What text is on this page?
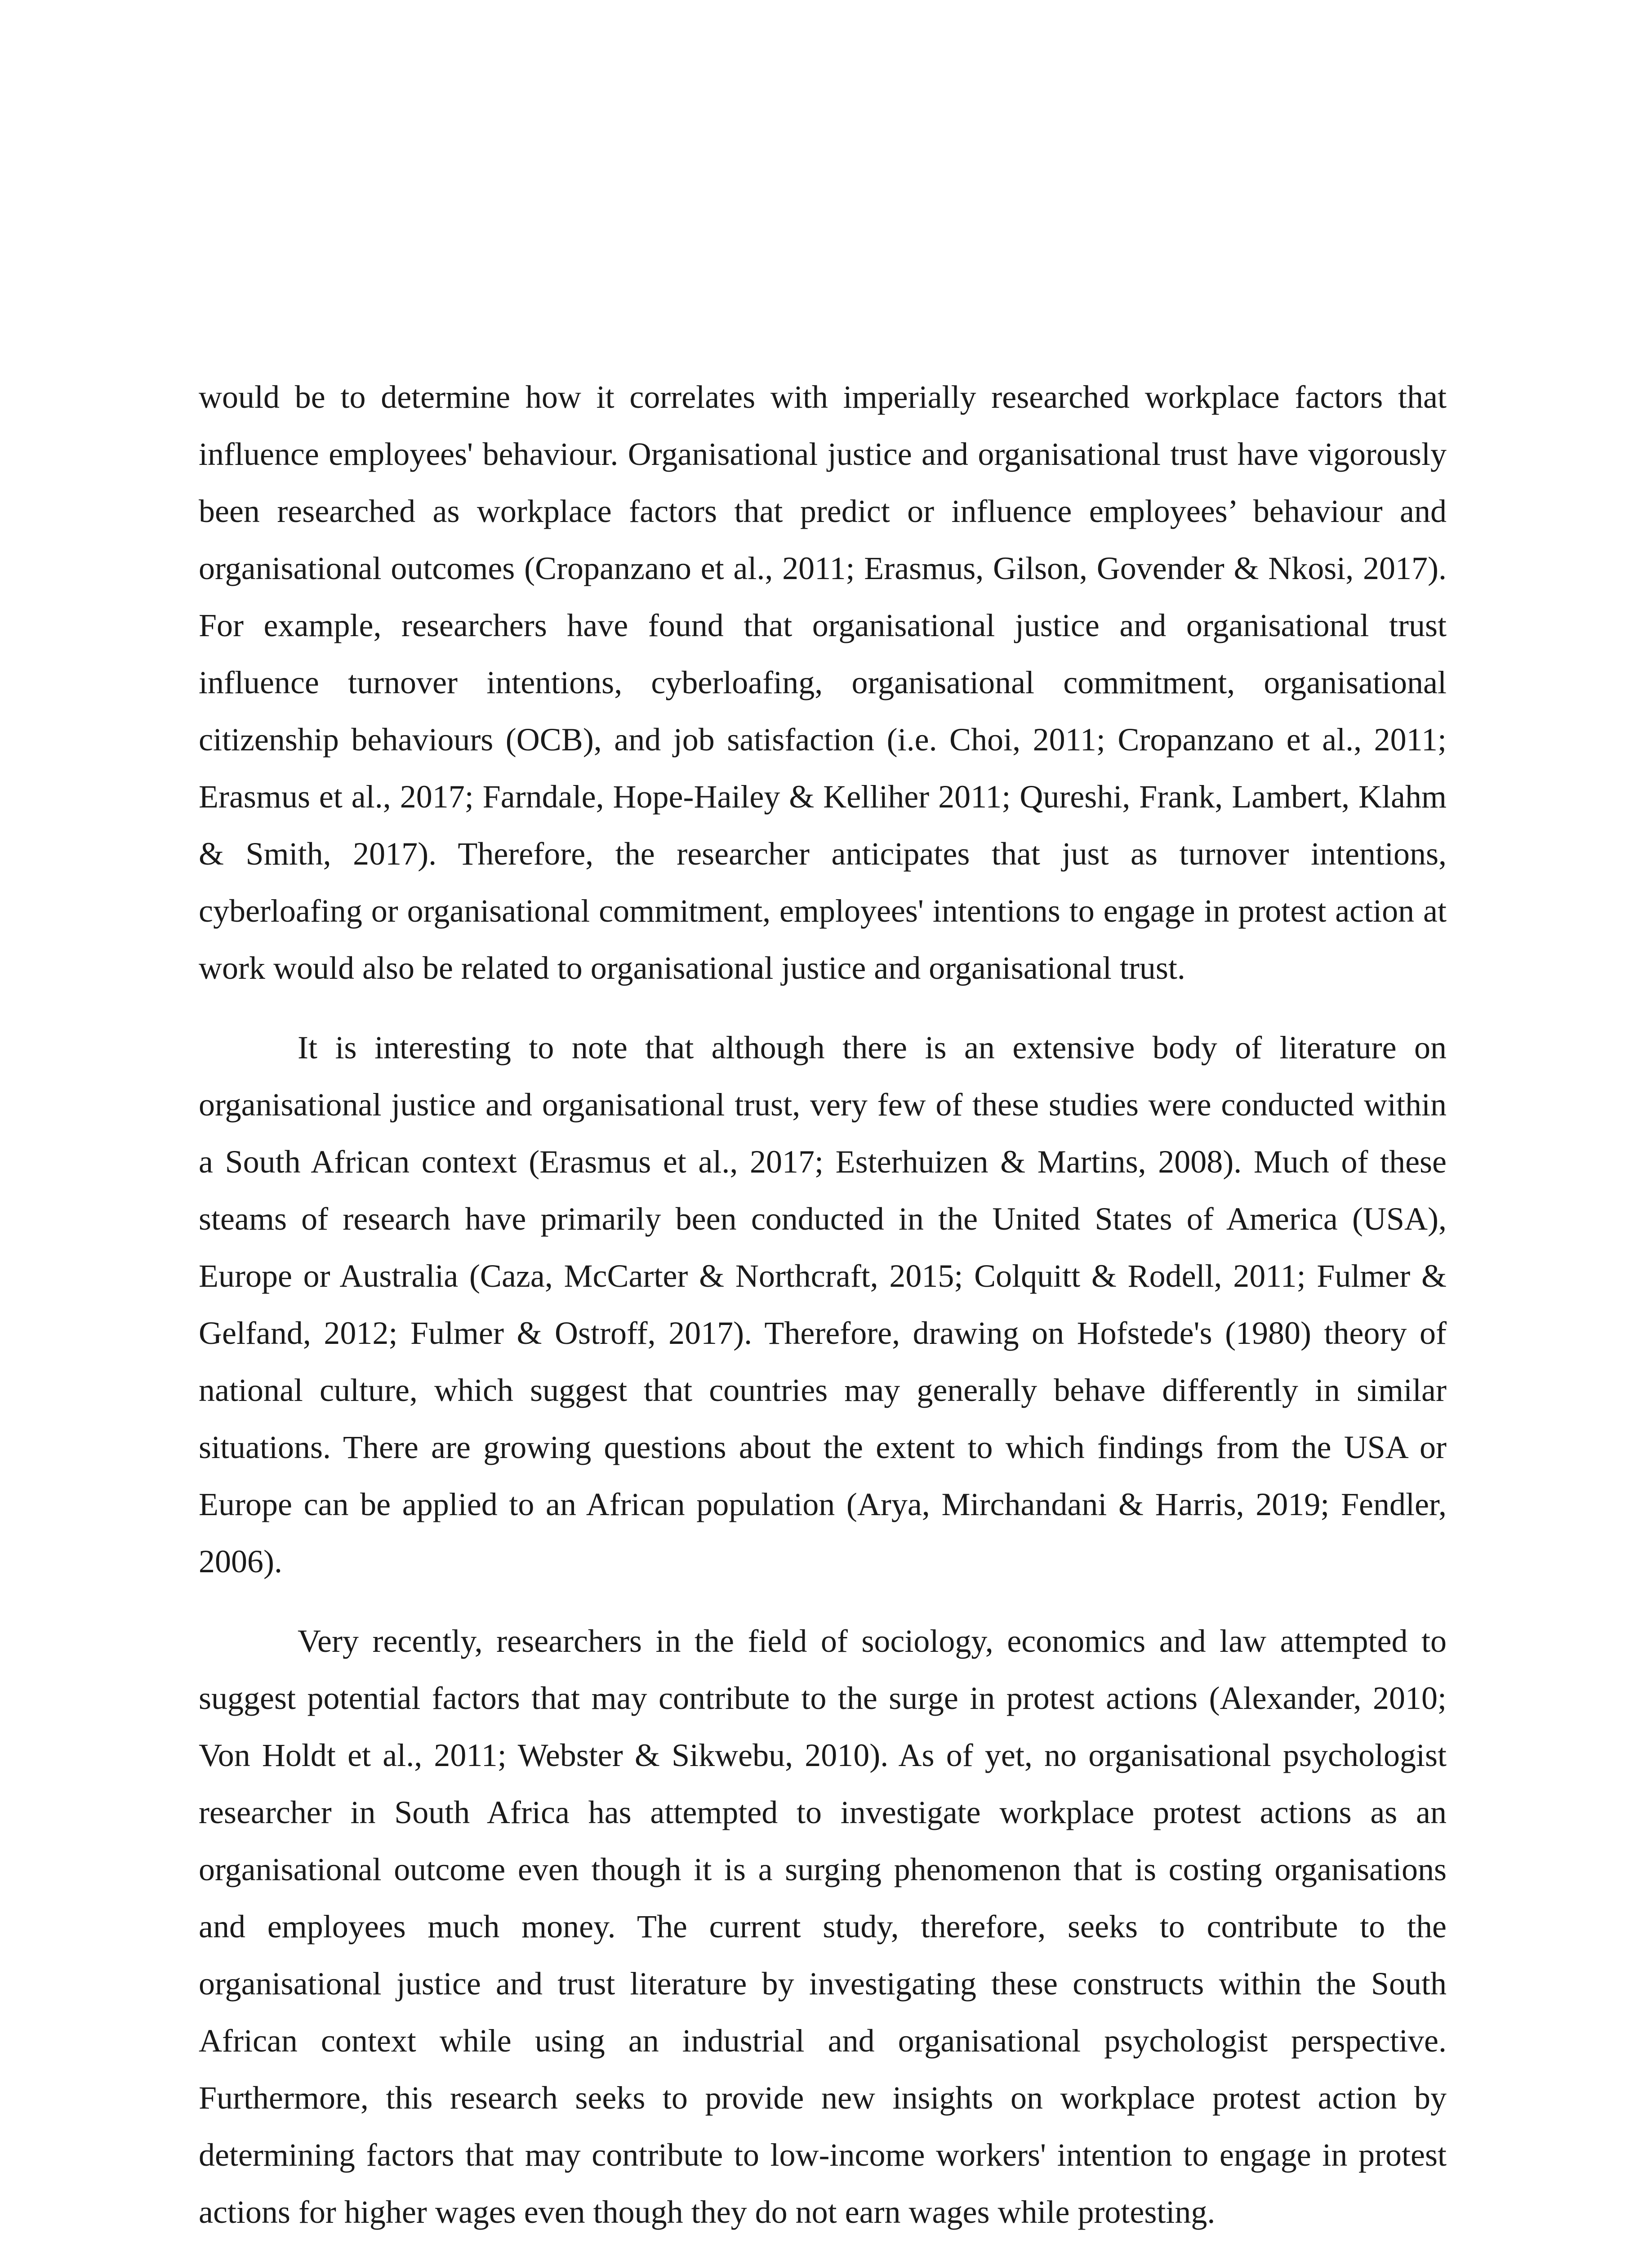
would be to determine how it correlates with imperially researched workplace factors that influence employees' behaviour. Organisational justice and organisational trust have vigorously been researched as workplace factors that predict or influence employees’ behaviour and organisational outcomes (Cropanzano et al., 2011; Erasmus, Gilson, Govender & Nkosi, 2017). For example, researchers have found that organisational justice and organisational trust influence turnover intentions, cyberloafing, organisational commitment, organisational citizenship behaviours (OCB), and job satisfaction (i.e. Choi, 2011; Cropanzano et al., 2011; Erasmus et al., 2017; Farndale, Hope-Hailey & Kelliher 2011; Qureshi, Frank, Lambert, Klahm & Smith, 2017). Therefore, the researcher anticipates that just as turnover intentions, cyberloafing or organisational commitment, employees' intentions to engage in protest action at work would also be related to organisational justice and organisational trust.

It is interesting to note that although there is an extensive body of literature on organisational justice and organisational trust, very few of these studies were conducted within a South African context (Erasmus et al., 2017; Esterhuizen & Martins, 2008). Much of these steams of research have primarily been conducted in the United States of America (USA), Europe or Australia (Caza, McCarter & Northcraft, 2015; Colquitt & Rodell, 2011; Fulmer & Gelfand, 2012; Fulmer & Ostroff, 2017). Therefore, drawing on Hofstede's (1980) theory of national culture, which suggest that countries may generally behave differently in similar situations. There are growing questions about the extent to which findings from the USA or Europe can be applied to an African population (Arya, Mirchandani & Harris, 2019; Fendler, 2006).

Very recently, researchers in the field of sociology, economics and law attempted to suggest potential factors that may contribute to the surge in protest actions (Alexander, 2010; Von Holdt et al., 2011; Webster & Sikwebu, 2010). As of yet, no organisational psychologist researcher in South Africa has attempted to investigate workplace protest actions as an organisational outcome even though it is a surging phenomenon that is costing organisations and employees much money. The current study, therefore, seeks to contribute to the organisational justice and trust literature by investigating these constructs within the South African context while using an industrial and organisational psychologist perspective. Furthermore, this research seeks to provide new insights on workplace protest action by determining factors that may contribute to low-income workers' intention to engage in protest actions for higher wages even though they do not earn wages while protesting.
